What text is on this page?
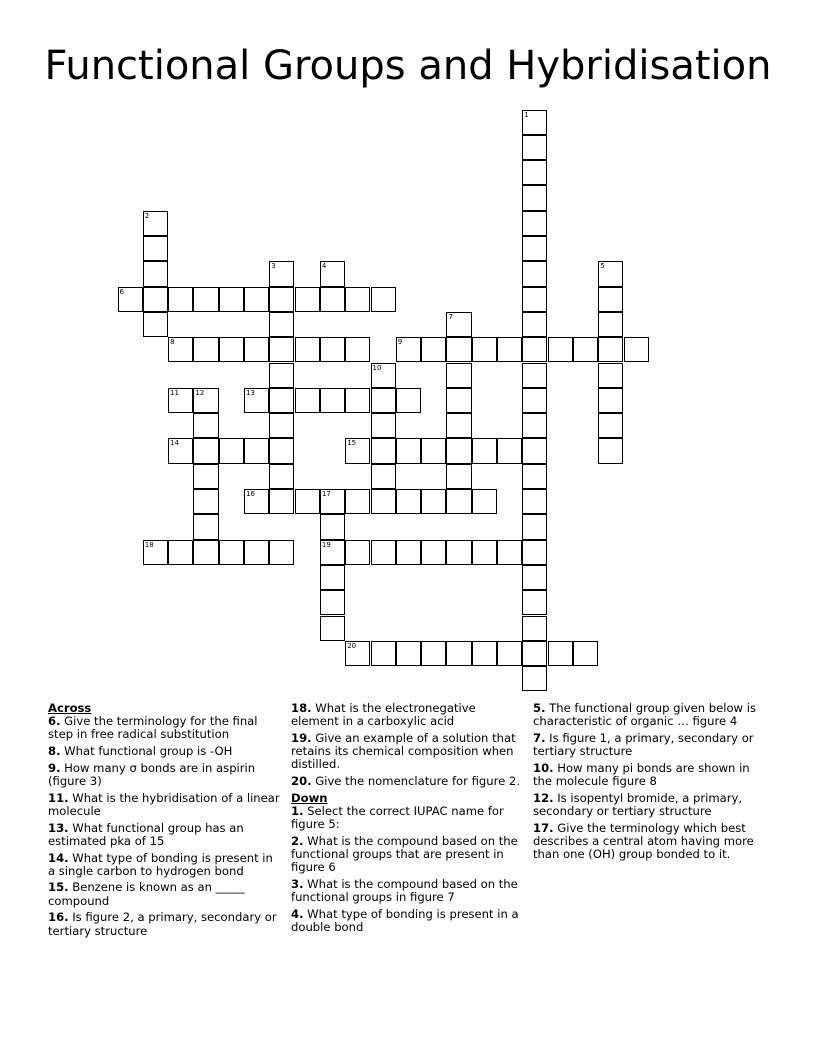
Functional Groups and Hybridisation
1
2
3	4	5
6
7
8	9
10
11 12	13
14	15
16	17
19
18
20
Across
6. Give the terminology for the final step in free radical substitution
8. What functional group is -OH
9. How many σ bonds are in aspirin (figure 3)
11. What is the hybridisation of a linear molecule
13. What functional group has an estimated pka of 15
14. What type of bonding is present in a single carbon to hydrogen bond
15. Benzene is known as an _____ compound
16. Is figure 2, a primary, secondary or tertiary structure
18. What is the electronegative element in a carboxylic acid
19. Give an example of a solution that retains its chemical composition when distilled.
20. Give the nomenclature for figure 2.
Down
1. Select the correct IUPAC name for figure 5:
2. What is the compound based on the functional groups that are present in figure 6
3. What is the compound based on the functional groups in figure 7
4. What type of bonding is present in a double bond
5. The functional group given below is characteristic of organic … figure 4
7. Is figure 1, a primary, secondary or tertiary structure
10. How many pi bonds are shown in the molecule figure 8
12. Is isopentyl bromide, a primary, secondary or tertiary structure
17. Give the terminology which best describes a central atom having more than one (OH) group bonded to it.
